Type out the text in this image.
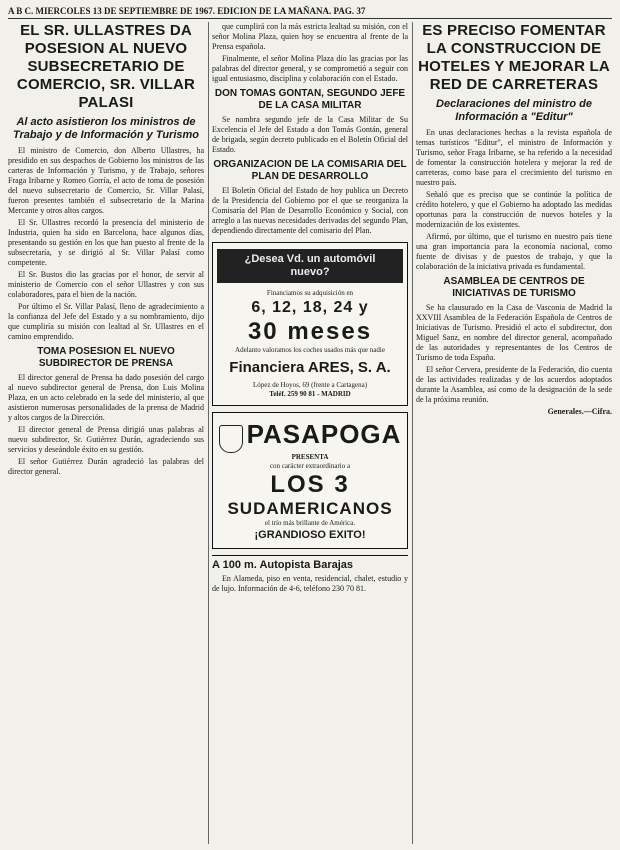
A B C. MIERCOLES 13 DE SEPTIEMBRE DE 1967. EDICION DE LA MAÑANA. PAG. 37
EL SR. ULLASTRES DA POSESION AL NUEVO SUBSECRETARIO DE COMERCIO, SR. VILLAR PALASI
Al acto asistieron los ministros de Trabajo y de Información y Turismo

El ministro de Comercio, don Alberto Ullastres, ha presidido en sus despachos de Gobierno los ministros de las carteras de Información y Turismo, y de Trabajo, señores Fraga Iribarne y Romeo Gorría, el acto de toma de posesión del nuevo subsecretario de Comercio, Sr. Villar Palasí, fueron presentes también el subsecretario de la Marina Mercante y otros altos cargos.

El Sr. Ullastres recordó la presencia del ministerio de Industria, quien ha sido en Barcelona, hace algunos días, presentando su gestión en los que han puesto al frente de la subsecretaría, y se dirigió al Sr. Villar Palasí como competente.

El Sr. Bustos dio las gracias por el honor, de servir al ministerio de Comercio con el señor Ullastres y con sus colaboradores, para el bien de la nación.

Por último el Sr. Villar Palasí, lleno de agradecimiento a la confianza del Jefe del Estado y a su nombramiento, dijo que cumpliría su misión con lealtad al Sr. Ullastres en el camino emprendido.

TOMA POSESION EL NUEVO SUBDIRECTOR DE PRENSA

El director general de Prensa ha dado posesión del cargo al nuevo subdirector general de Prensa, don Luis Molina Plaza, en un acto celebrado en la sede del ministerio, al que asistieron numerosas personalidades de la prensa de Madrid y altos cargos de la Dirección.

El director general de Prensa dirigió unas palabras al nuevo subdirector, Sr. Gutiérrez Durán, agradeciendo sus servicios y deseándole éxito en su gestión.

El señor Gutiérrez Durán agradeció las palabras del director general.

que cumplirá con la más estricta lealtad su misión, con el señor Molina Plaza, quien hoy se encuentra al frente de la Prensa española.

Finalmente, el señor Molina Plaza dio las gracias por las palabras del director general, y se comprometió a seguir con igual entusiasmo, disciplina y colaboración con el Estado.

DON TOMAS GONTAN, SEGUNDO JEFE DE LA CASA MILITAR

Se nombra segundo jefe de la Casa Militar de Su Excelencia el Jefe del Estado a don Tomás Gontán, general de brigada, según decreto publicado en el Boletín Oficial del Estado.

ORGANIZACION DE LA COMISARIA DEL PLAN DE DESARROLLO

El Boletín Oficial del Estado de hoy publica un Decreto de la Presidencia del Gobierno por el que se reorganiza la Comisaría del Plan de Desarrollo Económico y Social, con arreglo a las nuevas necesidades derivadas del segundo Plan, dependiendo directamente del comisario del Plan.

¿Desea Vd. un automóvil nuevo?
Financiamos su adquisición en
6, 12, 18, 24 y
30 meses
Adelanto valoramos los coches usados más que nadie
Financiera ARES, S. A.
López de Hoyos, 69 (frente a Cartagena)
Teléf. 259 90 81 - MADRID
PASAPOGA
PRESENTA
con carácter extraordinario a
LOS 3
SUDAMERICANOS
el trío más brillante de América.
¡GRANDIOSO EXITO!
A 100 m. Autopista Barajas

En Alameda, piso en venta, residencial, chalet, estudio y de lujo. Información de 4-6, teléfono 230 70 81.

ES PRECISO FOMENTAR LA CONSTRUCCION DE HOTELES Y MEJORAR LA RED DE CARRETERAS
Declaraciones del ministro de Información a "Editur"

En unas declaraciones hechas a la revista española de temas turísticos "Editur", el ministro de Información y Turismo, señor Fraga Iribarne, se ha referido a la necesidad de fomentar la construcción hotelera y mejorar la red de carreteras, como base para el crecimiento del turismo en nuestro país.

Señaló que es preciso que se continúe la política de crédito hotelero, y que el Gobierno ha adoptado las medidas oportunas para la construcción de nuevos hoteles y la modernización de los existentes.

Afirmó, por último, que el turismo en nuestro país tiene una gran importancia para la economía nacional, como fuente de divisas y de puestos de trabajo, y que la colaboración de la iniciativa privada es fundamental.

ASAMBLEA DE CENTROS DE INICIATIVAS DE TURISMO

Se ha clausurado en la Casa de Vasconia de Madrid la XXVIII Asamblea de la Federación Española de Centros de Iniciativas de Turismo. Presidió el acto el subdirector, don Miguel Sanz, en nombre del director general, acompañado de las autoridades y representantes de los Centros de Turismo de toda España.

El señor Cervera, presidente de la Federación, dio cuenta de las actividades realizadas y de los acuerdos adoptados durante la Asamblea, así como de la designación de la sede de la próxima reunión.

Generales.—Cifra.
